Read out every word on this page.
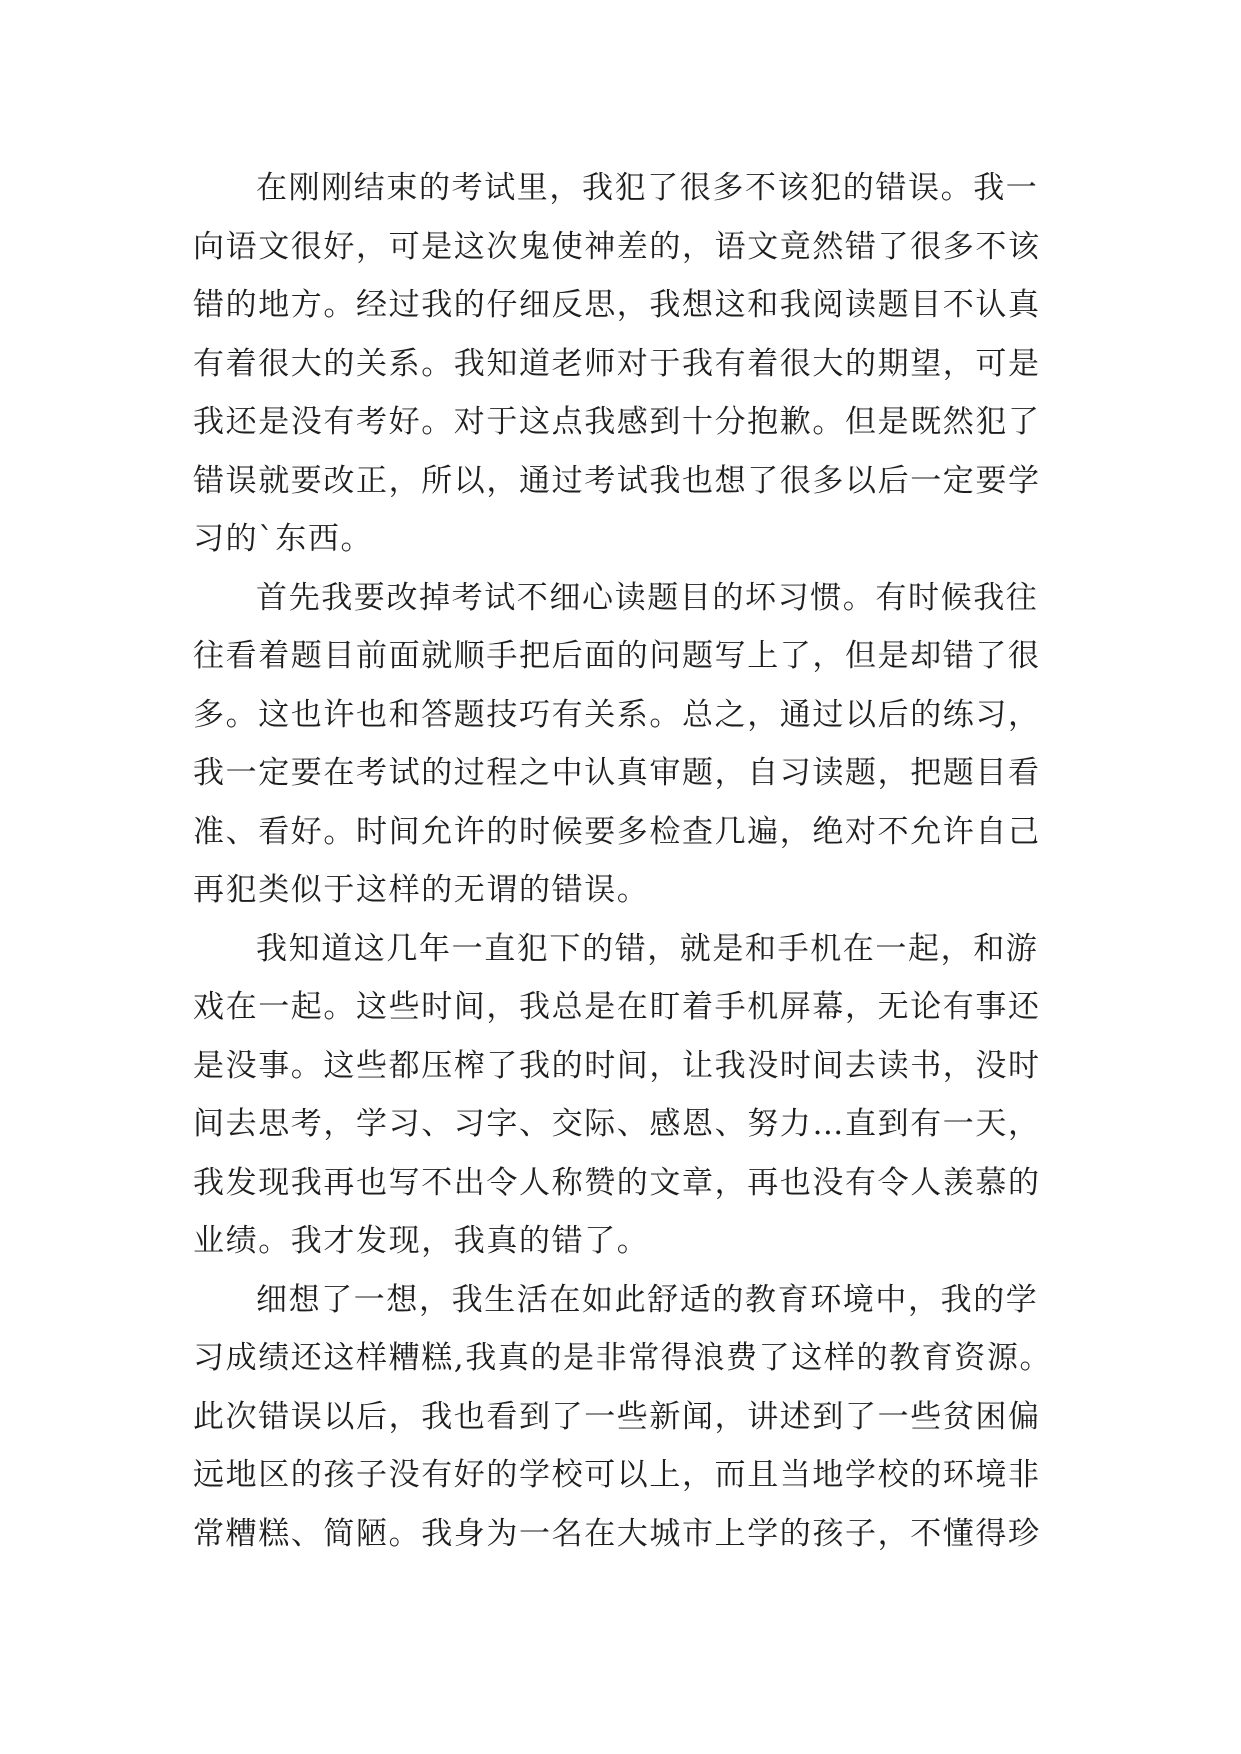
在刚刚结束的考试里，我犯了很多不该犯的错误。我一
向语文很好，可是这次鬼使神差的，语文竟然错了很多不该
错的地方。经过我的仔细反思，我想这和我阅读题目不认真
有着很大的关系。我知道老师对于我有着很大的期望，可是
我还是没有考好。对于这点我感到十分抱歉。但是既然犯了
错误就要改正，所以，通过考试我也想了很多以后一定要学
习的`东西。
首先我要改掉考试不细心读题目的坏习惯。有时候我往
往看着题目前面就顺手把后面的问题写上了，但是却错了很
多。这也许也和答题技巧有关系。总之，通过以后的练习，
我一定要在考试的过程之中认真审题，自习读题，把题目看
准、看好。时间允许的时候要多检查几遍，绝对不允许自己
再犯类似于这样的无谓的错误。
我知道这几年一直犯下的错，就是和手机在一起，和游
戏在一起。这些时间，我总是在盯着手机屏幕，无论有事还
是没事。这些都压榨了我的时间，让我没时间去读书，没时
间去思考，学习、习字、交际、感恩、努力…直到有一天，
我发现我再也写不出令人称赞的文章，再也没有令人羡慕的
业绩。我才发现，我真的错了。
细想了一想，我生活在如此舒适的教育环境中，我的学
习成绩还这样糟糕,我真的是非常得浪费了这样的教育资源。
此次错误以后，我也看到了一些新闻，讲述到了一些贫困偏
远地区的孩子没有好的学校可以上，而且当地学校的环境非
常糟糕、简陋。我身为一名在大城市上学的孩子，不懂得珍
